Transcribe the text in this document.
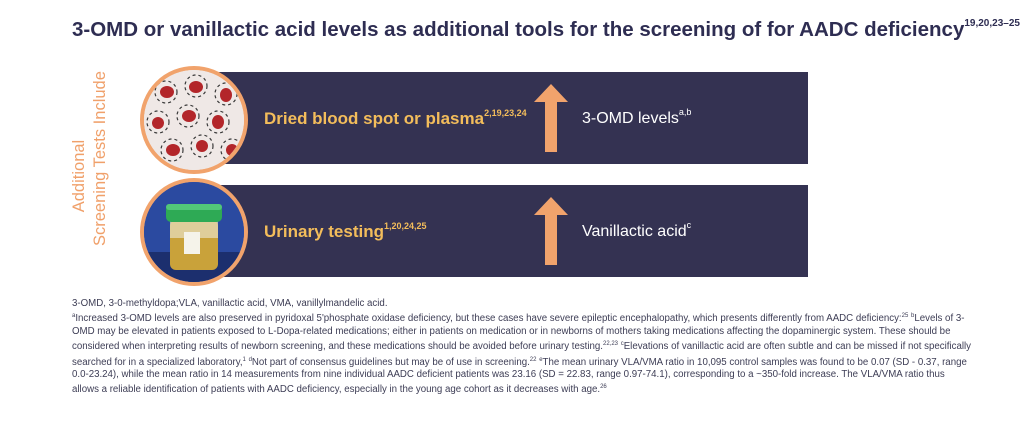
3-OMD or vanillactic acid levels as additional tools for the screening of for AADC deficiency$^{19,20,23-25}$
Additional Screening Tests Include	Dried blood spot or plasma$^{2,19,23,24}$	3-OMD levels$^{a,b}$
Urinary testing$^{1,20,24,25}$	Vanillactic acid$^c$

3-OMD, 3-0-methyldopa;VLA, vanillactic acid, VMA, vanillylmandelic acid.

$^a$Increased 3-OMD levels are also preserved in pyridoxal 5'phosphate oxidase deficiency, but these cases have severe epileptic encephalopathy, which presents differently from AADC deficiency:$^{25}$ $^b$Levels of 3-OMD may be elevated in patients exposed to L-Dopa-related medications; either in patients on medication or in newborns of mothers taking medications affecting the dopaminergic system. These should be considered when interpreting results of newborn screening, and these medications should be avoided before urinary testing.$^{22,23}$ $^c$Elevations of vanillactic acid are often subtle and can be missed if not specifically searched for in a specialized laboratory,$^1$ $^d$Not part of consensus guidelines but may be of use in screening.$^{22}$ $^e$The mean urinary VLA/VMA ratio in 10,095 control samples was found to be 0.07 (SD - 0.37, range 0.0-23.24), while the mean ratio in 14 measurements from nine individual AADC deficient patients was 23.16 (SD = 22.83, range 0.97-74.1), corresponding to a ~350-fold increase. The VLA/VMA ratio thus allows a reliable identification of patients with AADC deficiency, especially in the young age cohort as it decreases with age.$^{26}$
